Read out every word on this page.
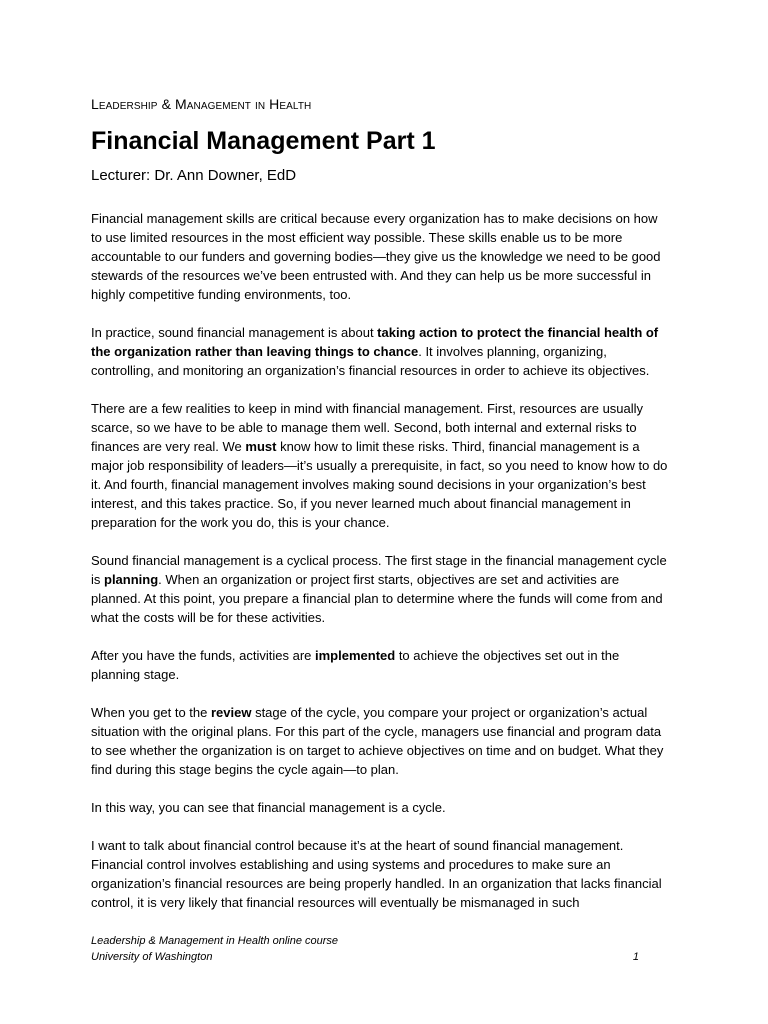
Leadership & Management in Health
Financial Management Part 1
Lecturer: Dr. Ann Downer, EdD

Financial management skills are critical because every organization has to make decisions on how to use limited resources in the most efficient way possible. These skills enable us to be more accountable to our funders and governing bodies—they give us the knowledge we need to be good stewards of the resources we’ve been entrusted with. And they can help us be more successful in highly competitive funding environments, too.

In practice, sound financial management is about taking action to protect the financial health of the organization rather than leaving things to chance. It involves planning, organizing, controlling, and monitoring an organization’s financial resources in order to achieve its objectives.

There are a few realities to keep in mind with financial management. First, resources are usually scarce, so we have to be able to manage them well. Second, both internal and external risks to finances are very real. We must know how to limit these risks. Third, financial management is a major job responsibility of leaders—it’s usually a prerequisite, in fact, so you need to know how to do it. And fourth, financial management involves making sound decisions in your organization’s best interest, and this takes practice. So, if you never learned much about financial management in preparation for the work you do, this is your chance.

Sound financial management is a cyclical process. The first stage in the financial management cycle is planning. When an organization or project first starts, objectives are set and activities are planned. At this point, you prepare a financial plan to determine where the funds will come from and what the costs will be for these activities.

After you have the funds, activities are implemented to achieve the objectives set out in the planning stage.

When you get to the review stage of the cycle, you compare your project or organization’s actual situation with the original plans. For this part of the cycle, managers use financial and program data to see whether the organization is on target to achieve objectives on time and on budget. What they find during this stage begins the cycle again—to plan.

In this way, you can see that financial management is a cycle.

I want to talk about financial control because it’s at the heart of sound financial management. Financial control involves establishing and using systems and procedures to make sure an organization’s financial resources are being properly handled. In an organization that lacks financial control, it is very likely that financial resources will eventually be mismanaged in such

Leadership & Management in Health online course
University of Washington	1
